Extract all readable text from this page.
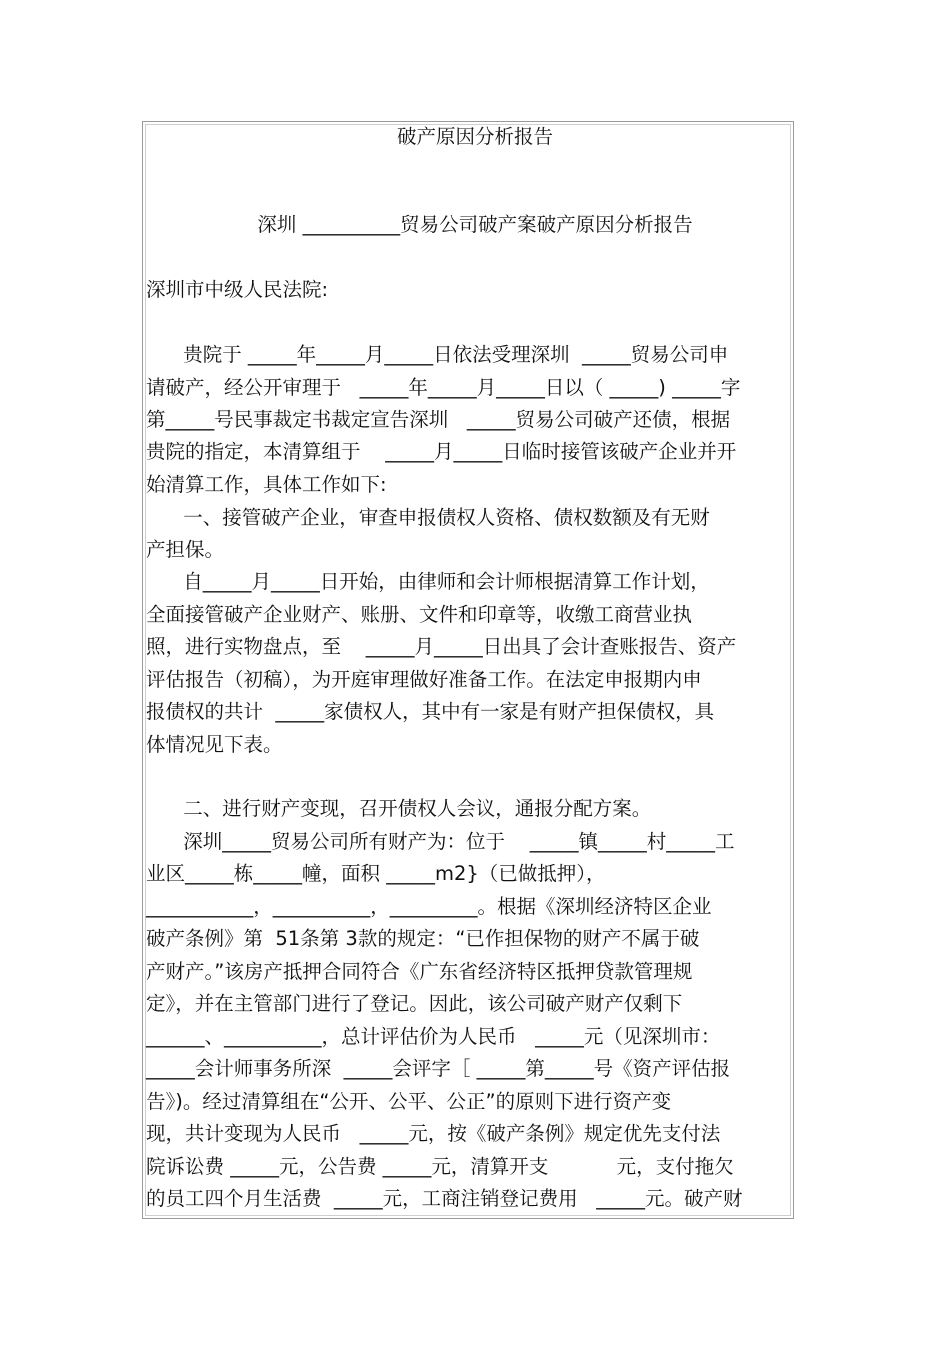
破产原因分析报告
深圳 __________贸易公司破产案破产原因分析报告
深圳市中级人民法院:
贵院于 _____年_____月_____日依法受理深圳  _____贸易公司申
请破产，经公开审理于   _____年_____月_____日以（ _____) _____字
第_____号民事裁定书裁定宣告深圳   _____贸易公司破产还债，根据
贵院的指定，本清算组于    _____月_____日临时接管该破产企业并开
始清算工作，具体工作如下:
一、接管破产企业，审查申报债权人资格、债权数额及有无财
产担保。
自_____月_____日开始，由律师和会计师根据清算工作计划，
全面接管破产企业财产、账册、文件和印章等，收缴工商营业执
照，进行实物盘点，至    _____月_____日出具了会计查账报告、资产
评估报告（初稿），为开庭审理做好准备工作。在法定申报期内申
报债权的共计  _____家债权人，其中有一家是有财产担保债权，具
体情况见下表。
二、进行财产变现，召开债权人会议，通报分配方案。
深圳_____贸易公司所有财产为：位于    _____镇_____村_____工
业区_____栋_____幢，面积 _____m2}（已做抵押），
___________，__________，_________。根据《深圳经济特区企业
破产条例》第  51条第 3款的规定：“已作担保物的财产不属于破
产财产。”该房产抵押合同符合《广东省经济特区抵押贷款管理规
定》，并在主管部门进行了登记。因此，该公司破产财产仅剩下
______、__________，总计评估价为人民币   _____元（见深圳市：
_____会计师事务所深  _____会评字［ _____第_____号《资产评估报
告》)。经过清算组在“公开、公平、公正”的原则下进行资产变
现，共计变现为人民币   _____元，按《破产条例》规定优先支付法
院诉讼费 _____元，公告费 _____元，清算开支           元，支付拖欠
的员工四个月生活费  _____元，工商注销登记费用   _____元。破产财
